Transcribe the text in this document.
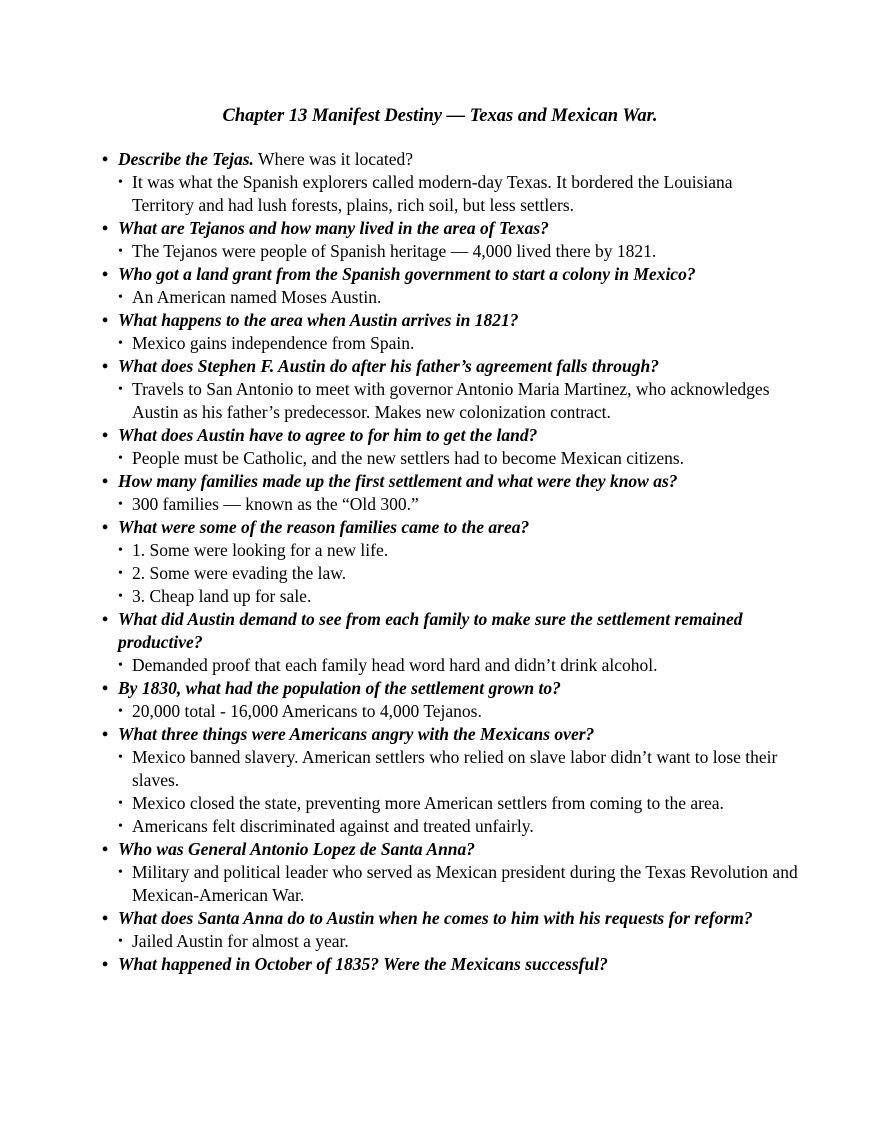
Chapter 13 Manifest Destiny — Texas and Mexican War.
• Describe the Tejas. Where was it located?
• It was what the Spanish explorers called modern-day Texas. It bordered the Louisiana Territory and had lush forests, plains, rich soil, but less settlers.
• What are Tejanos and how many lived in the area of Texas?
• The Tejanos were people of Spanish heritage — 4,000 lived there by 1821.
• Who got a land grant from the Spanish government to start a colony in Mexico?
• An American named Moses Austin.
• What happens to the area when Austin arrives in 1821?
• Mexico gains independence from Spain.
• What does Stephen F. Austin do after his father’s agreement falls through?
• Travels to San Antonio to meet with governor Antonio Maria Martinez, who acknowledges Austin as his father’s predecessor. Makes new colonization contract.
• What does Austin have to agree to for him to get the land?
• People must be Catholic, and the new settlers had to become Mexican citizens.
• How many families made up the first settlement and what were they know as?
• 300 families — known as the “Old 300.”
• What were some of the reason families came to the area?
• 1. Some were looking for a new life.
• 2. Some were evading the law.
• 3. Cheap land up for sale.
• What did Austin demand to see from each family to make sure the settlement remained productive?
• Demanded proof that each family head word hard and didn’t drink alcohol.
• By 1830, what had the population of the settlement grown to?
• 20,000 total - 16,000 Americans to 4,000 Tejanos.
• What three things were Americans angry with the Mexicans over?
• Mexico banned slavery. American settlers who relied on slave labor didn’t want to lose their slaves.
• Mexico closed the state, preventing more American settlers from coming to the area.
• Americans felt discriminated against and treated unfairly.
• Who was General Antonio Lopez de Santa Anna?
• Military and political leader who served as Mexican president during the Texas Revolution and Mexican-American War.
• What does Santa Anna do to Austin when he comes to him with his requests for reform?
• Jailed Austin for almost a year.
• What happened in October of 1835? Were the Mexicans successful?
